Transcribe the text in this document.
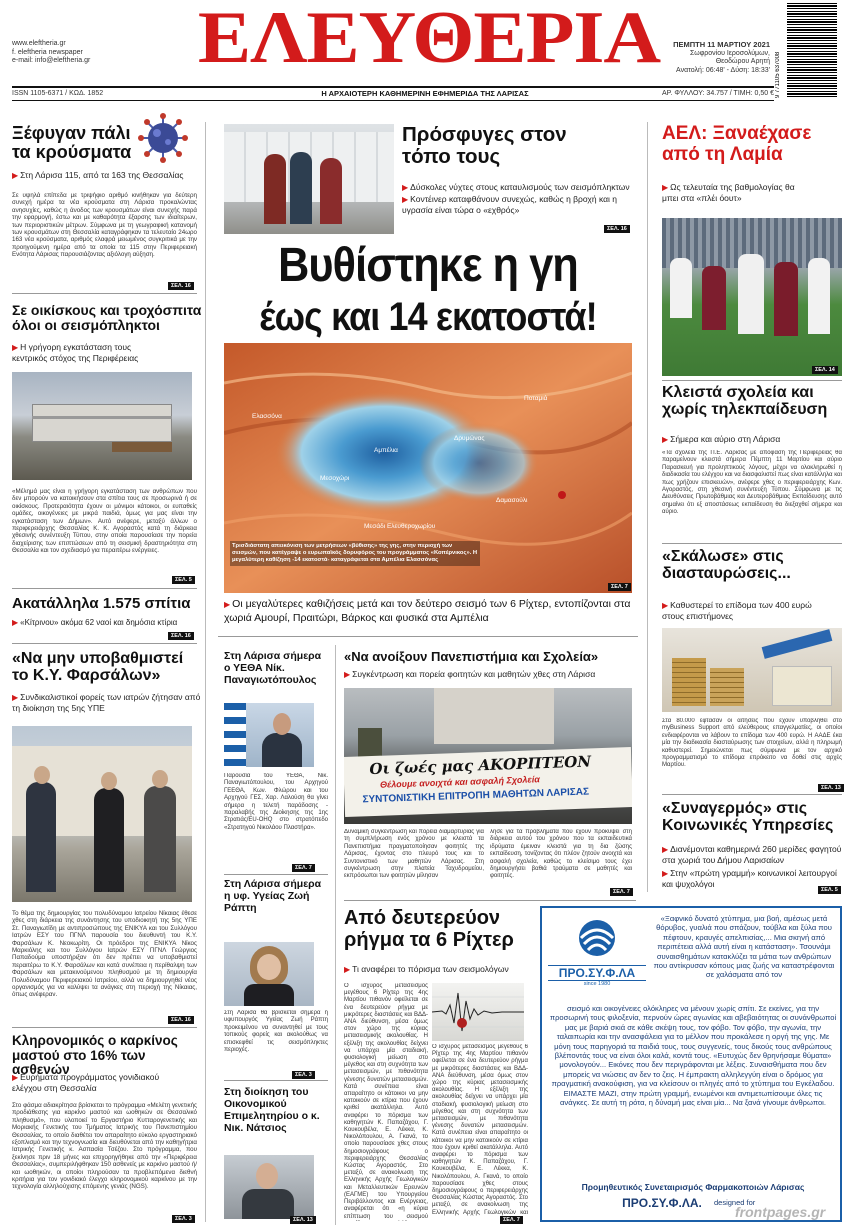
www.eleftheria.gr
f. eleftheria newspaper
e-mail: info@eleftheria.gr	ΕΛΕΥΘΕΡΙΑ	ΠΕΜΠΤΗ 11 ΜΑΡΤΙΟΥ 2021
Σωφρονίου Ιεροσολύμων,
Θεοδώρου Αρητή
Ανατολή: 06:48' - Δύση: 18:33' 9 771105 637008
ISSN 1105-6371 / ΚΩΔ. 1852	Η ΑΡΧΑΙΟΤΕΡΗ ΚΑΘΗΜΕΡΙΝΗ ΕΦΗΜΕΡΙΔΑ ΤΗΣ ΛΑΡΙΣΑΣ	ΑΡ. ΦΥΛΛΟΥ: 34.757 / ΤΙΜΗ: 0,50 €
Ξέφυγαν πάλι τα κρούσματα
▶ Στη Λάρισα 115, από τα 163 της Θεσσαλίας
Σε υψηλά επίπεδα με τριψήφιο αριθμό κινήθηκαν για δεύτερη συνεχή ημέρα τα νέα κρούσματα στη Λάρισα προκαλώντας ανησυχίες, καθώς η άνοδος των κρουσμάτων είναι συνεχής παρά την εφαρμογή, έστω και με καθαρότητα έξαρσης των ιδιαίτερων, των περιοριστικών μέτρων. Σύμφωνα με τη γεωγραφική κατανομή των κρουσμάτων στη Θεσσαλία καταγράφηκαν τα τελευταίο 24ωρο 163 νέα κρούσματα, αριθμός ελαφρά μειωμένος συγκριτικά με την προηγούμενη ημέρα από τα οποία τα 115 στην Περιφερειακή Ενότητα Λάρισας παρουσιάζοντας αξιόλογη αύξηση.
ΣΕΛ. 16
Σε οικίσκους και τροχόσπιτα όλοι οι σεισμόπληκτοι
▶ Η γρήγορη εγκατάσταση τους κεντρικός στόχος της Περιφέρειας
«Μέλημά μας είναι η γρήγορη εγκατάσταση των ανθρώπων που δεν μπορούν να κατοικήσουν στα σπίτια τους σε προσωρινά ή σε οικίσκους. Προτεραιότητα έχουν οι μόνιμοι κάτοικοι, οι ευπαθείς ομάδες, οικογένειες με μικρά παιδιά, όμως για μας είναι την εγκατάσταση των Δήμων». Αυτό ανέφερε, μεταξύ άλλων ο περιφερειάρχης Θεσσαλίας Κ. Κ. Αγοραστός κατά τη διάρκεια χθεσινής συνέντευξη Τύπου, στην οποία παρουσίασε την πορεία διαχείρισης των επιπτώσεων από τη σεισμική δραστηριότητα στη Θεσσαλία και τον σχεδιασμό για περαιτέρω ενέργειες.
ΣΕΛ. 5
Ακατάλληλα 1.575 σπίτια
▶ «Κίτρινου» ακόμα 62 ναοί και δημόσια κτίρια
ΣΕΛ. 16
«Να μην υποβαθμιστεί το Κ.Υ. Φαρσάλων»
▶ Συνδικαλιστικοί φορείς των ιατρών ζήτησαν από τη διοίκηση της 5ης ΥΠΕ
Το θέμα της δημιουργίας του πολυδύναμου Ιατρείου Νίκαιας έθεσε χθες στη διάρκεια της συνάντησης του υποδιοικητή της 5ης ΥΠΕ Στ. Παναγιωτίδη με αντιπροσώπους της ΕΝΙΚΥΑ και του Συλλόγου Ιατρών ΕΣΥ του ΠΓΝΛ παρουσία του διευθυντή του Κ.Υ. Φαρσάλων Κ. Νεοκωρίτη. Οι πρόεδροι της ΕΝΙΚΥΑ Νίκος Μαρκιόλης και του Συλλόγου Ιατρών ΕΣΥ ΠΓΝΛ Γεώργιος Παπαδούμα υποστήριξαν ότι δεν πρέπει να υποβαθμιστεί περαιτέρω το Κ.Υ. Φαρσάλων και κατά συνέπεια η περίθαλψη των Φαρσάλων και μετακινούμενου πληθυσμού με τη δημιουργία Πολυδύναμου Περιφερειακού Ιατρείου, αλλά να δημιουργηθεί νέος οργανισμός για να καλύψει τα ανάγκες στη περιοχή της Νίκαιας, όπως ανέφεραν.
ΣΕΛ. 16
Κληρονομικός ο καρκίνος μαστού στο 16% των ασθενών
▶ Ευρήματα προγράμματος γονιδιακού ελέγχου στη Θεσσαλία
Στο φάσμα αδιακρίτησα βρίσκεται το πρόγραμμα «Μελέτη γενετικής προδιάθεσης για καρκίνο μαστού και ωοθηκών σε Θεσσαλικό πληθυσμό», που υλοποιεί το Εργαστήριο Κυτταρογενετικής και Μοριακής Γενετικής του Τμήματος Ιατρικής του Πανεπιστημίου Θεσσαλίας, το οποίο διαθέτει τον απαραίτητο εύκολο εργαστηριακό εξοπλισμό και την τεχνογνωσία και διευθύνεται από την καθηγήτρια Ιατρικής Γενετικής κ. Ασπασία Τσέζου. Στο πρόγραμμα, που ξεκίνησε πριν 18 μήνες και επιχορηγήθηκε από την «Περιφέρεια Θεσσαλίας», συμπεριλήφθηκαν 150 ασθενείς με καρκίνο μαστού ή/και ωοθηκών, οι οποίοι πληρούσαν τα προβλεπόμενα διεθνή κριτήρια για τον γονιδιακό έλεγχο κληρονομικού καρκίνου με την τεχνολογία αλληλούχισης επόμενης γενιάς (NGS).
ΣΕΛ. 3
Πρόσφυγες στον τόπο τους
▶ Δύσκολες νύχτες στους καταυλισμούς των σεισμόπληκτων
▶ Κοντέινερ καταφθάνουν συνεχώς, καθώς η βροχή και η υγρασία είναι τώρα ο «εχθρός»
ΣΕΛ. 16
Βυθίστηκε η γη
έως και 14 εκατοστά!
Ελασσόνα
Αμπέλια
Δαμασούλι
Μεσοχώρι
Δρυμώνας
Ποταμιά
Μεσάδι Ελευθεροχωρίου
Τρισδιάστατη απεικόνιση των μετρήσεων «βύθισης» της γης, στην περιοχή των σεισμών, που κατέγραψε ο ευρωπαϊκός δορυφόρος του προγράμματος «Κοπέρνικος». Η μεγαλύτερη καθίζηση -14 εκατοστά- καταγράφεται στα Αμπέλια Ελασσόνας
ΣΕΛ. 7
▶ Οι μεγαλύτερες καθιζήσεις μετά και τον δεύτερο σεισμό των 6 Ρίχτερ, εντοπίζονται στα χωριά Αμουρί, Πραιτώρι, Βάρκος και φυσικά στα Αμπέλια
Στη Λάρισα σήμερα ο ΥΕΘΑ Νίκ. Παναγιωτόπουλος
Παρουσία του ΥΕΘΑ, Νικ. Παναγιωτόπουλου, του Αρχηγού ΓΕΕΘΑ, Κων. Φλώρου και του Αρχηγού ΓΕΣ, Χαρ. Λαλούση θα γίνει σήμερα η τελετή παράδοσης - παραλαβής της Διοίκησης της 1ης Στρατιάς/EU-OHQ στο στρατόπεδο «Στρατηγού Νικολάου Πλαστήρα».
ΣΕΛ. 7
Στη Λάρισα σήμερα η υφ. Υγείας Ζωή Ράπτη
Στη Λάρισα θα βρίσκεται σήμερα η υφυπουργός Υγείας Ζωή Ράπτη προκειμένου να συναντηθεί με τους τοπικούς φορείς και ακολούθως να επισκεφθεί τις σεισμόπληκτες περιοχές.
ΣΕΛ. 3
Στη διοίκηση του Οικονομικού Επιμελητηρίου ο κ. Νικ. Νάτσιος
ΣΕΛ. 13
«Να ανοίξουν Πανεπιστήμια και Σχολεία»
▶ Συγκέντρωση και πορεία φοιτητών και μαθητών χθες στη Λάρισα
Οι ζωές μας ΑΚΟΡΠΤΕΟΝ
Θέλουμε ανοιχτά και ασφαλή Σχολεία
ΣΥΝΤΟΝΙΣΤΙΚΗ ΕΠΙΤΡΟΠΗ ΜΑΘΗΤΩΝ ΛΑΡΙΣΑΣ
Δυναμική συγκέντρωση και πορεία διαμαρτυρίας για τη συμπλήρωση ενός χρόνου με κλειστά τα Πανεπιστήμια πραγματοποίησαν φοιτητές της Λάρισας, έχοντας στο πλευρό τους και το Συντονιστικό των μαθητών Λάρισας. Στη συγκέντρωση στην πλατεία Ταχυδρομείου, εκπρόσωποι των φοιτητών μίλησαν
λησε για τα προβλήματα που έχουν προκύψει στη διάρκεια αυτού του χρόνου που τα εκπαιδευτικά ιδρύματα έμειναν κλειστά για τη δια ζώσης εκπαίδευση, τονίζοντας ότι πλέον ζητούν ανοιχτά και ασφαλή σχολεία, καθώς το κλείσιμο τους έχει δημιουργήσει βαθιά τραύματα σε μαθητές και φοιτητές.
ΣΕΛ. 7
Από δευτερεύον ρήγμα τα 6 Ρίχτερ
▶ Τι αναφέρει το πόρισμα των σεισμολόγων
Ο ισχυρός μετασεισμός μεγέθους 6 Ρίχτερ της 4ης Μαρτίου πιθανόν οφείλεται σε ένα δευτερεύον ρήγμα με μικρότερες διαστάσεις και ΒΔΔ-ΑΝΑ διεύθυνση, μέσα όμως στον χώρο της κύριας μετασεισμικής ακολουθίας. Η εξέλιξη της ακολουθίας δείχνει να υπάρχει μία σταδιακή, φυσιολογική μείωση στο μέγεθος και στη συχνότητα των μετασεισμών, με πιθανότητα γένεσης δυνατών μετασεισμών. Κατά συνέπεια είναι απαραίτητο οι κάτοικοι να μην κατοικούν σε κτίρια που έχουν κριθεί ακατάλληλα. Αυτό αναφέρει το πόρισμα των καθηγητών Κ. Παπαζάχου, Γ. Κουκουβέλα, Ε. Λέκκα, Κ. Νικολόπουλου, Α. Γκανά, το οποίο παρουσίασε χθες στους δημοσιογράφους ο περιφερειάρχης Θεσσαλίας Κώστας Αγοραστός. Στο μεταξύ, σε ανακοίνωση της Ελληνικής Αρχής Γεωλογικών και Μεταλλευτικών Ερευνών (ΕΑΓΜΕ) του Υπουργείου Περιβάλλοντος και Ενέργειας, αναφέρεται ότι «η κύρια επίπτωση του σεισμού
Ο ισχυρός μετασεισμός μεγέθους 6 Ρίχτερ της 4ης Μαρτίου πιθανόν οφείλεται σε ένα δευτερεύον ρήγμα με μικρότερες διαστάσεις και ΒΔΔ-ΑΝΑ διεύθυνση, μέσα όμως στον χώρο της κύριας μετασεισμικής ακολουθίας. Η εξέλιξη της ακολουθίας δείχνει να υπάρχει μία σταδιακή, φυσιολογική μείωση στο μέγεθος και στη συχνότητα των μετασεισμών, με πιθανότητα γένεσης δυνατών μετασεισμών. Κατά συνέπεια είναι απαραίτητο οι κάτοικοι να μην κατοικούν σε κτίρια που έχουν κριθεί ακατάλληλα. Αυτό αναφέρει το πόρισμα των καθηγητών Κ. Παπαζάχου, Γ. Κουκουβέλα, Ε. Λέκκα, Κ. Νικολόπουλου, Α. Γκανά, το οποίο παρουσίασε χθες στους δημοσιογράφους ο περιφερειάρχης Θεσσαλίας Κώστας Αγοραστός. Στο μεταξύ, σε ανακοίνωση της Ελληνικής Αρχής Γεωλογικών και
ΣΕΛ. 7
ΑΕΛ: Ξαναέχασε από τη Λαμία
▶ Ως τελευταία της βαθμολογίας θα μπει στα «πλέι όουτ»
ΣΕΛ. 14
Κλειστά σχολεία και χωρίς τηλεκπαίδευση
▶ Σήμερα και αύριο στη Λάρισα
«Τα σχολεία της Π.Ε. Λάρισας με απόφαση της Περιφέρειας θα παραμείνουν κλειστά σήμερα Πέμπτη 11 Μαρτίου και αύριο Παρασκευή για προληπτικούς λόγους, μέχρι να ολοκληρωθεί η διαδικασία του ελέγχου και να διασφαλιστεί πως είναι κατάλληλα και πως χρήζουν επισκευών», ανέφερε χθες ο περιφερειάρχης Κων. Αγοραστός, στη χθεσινή συνέντευξη Τύπου. Σύμφωνα με τις Διευθύνσεις Πρωτοβάθμιας και Δευτεροβάθμιας Εκπαίδευσης αυτό σημαίνει ότι εξ αποστάσεως εκπαίδευση θα διεξαχθεί σήμερα και αύριο.
«Σκάλωσε» στις διασταυρώσεις...
▶ Καθυστερεί το επίδομα των 400 ευρώ στους επιστήμονες
Στα 80.000 έφτασαν οι αιτήσεις που έχουν υποβληθεί στο myBusiness Support από ελεύθερους επαγγελματίες, οι οποίοι ενδιαφέρονται να λάβουν το επίδομα των 400 ευρώ. Η ΑΑΔΕ έκα μία την διαδικασία διασταύρωσης των στοιχείων, αλλά η πληρωμή καθυστερεί. Σημειώνεται πως σύμφωνα με τον αρχικό προγραμματισμό το επίδομα επρόκειτο να δοθεί στις αρχές Μαρτίου.
ΣΕΛ. 13
«Συναγερμός» στις Κοινωνικές Υπηρεσίες
▶ Διανέμονται καθημερινά 260 μερίδες φαγητού στα χωριά του Δήμου Λαρισαίων
▶ Στην «πρώτη γραμμή» κοινωνικοί λειτουργοί και ψυχολόγοι
ΣΕΛ. 5
ΠΡΟ.ΣΥ.Φ.ΛΑ
since 1980
«Ξαφνικό δυνατό χτύπημα, μια βοή, αμέσως μετά θόρυβος, γυαλιά που σπάζουν, τούβλα και ξύλα που πέφτουν, κραυγές απελπισίας,... Μια σκηνή από περιπέτεια αλλά αυτή είναι η κατάσταση». Τσουνάμι συναισθημάτων κατακλύζει τα μάτια των ανθρώπων που αντίκρυσαν κόπους μιας ζωής να καταστρέφονται σε χαλάσματα από τον
σεισμό και οικογένειες ολόκληρες να μένουν χωρίς σπίτι. Σε εκείνες, για την προσωρινή τους φιλοξενία, περνούν ώρες αγωνίας και αβεβαιότητας οι συνάνθρωποί μας με βαριά σκιά σε κάθε σκέψη τους, τον φόβο. Τον φόβο, την αγωνία, την ταλαιπωρία και την ανασφάλεια για το μέλλον που προκάλεσε η οργή της γης. Με μόνη τους παρηγοριά τα παιδιά τους, τους συγγενείς, τους δικούς τους ανθρώπους βλέποντάς τους να είναι όλοι καλά, κοντά τους. «Ευτυχώς δεν θρηνήσαμε θύματα» μονολογούν... Εικόνες που δεν περιγράφονται με λέξεις. Συναισθήματα που δεν μπορείς να νιώσεις αν δεν το ζεις. Η έμπρακτη αλληλεγγύη είναι ο δρόμος για πραγματική ανακούφιση, για να κλείσουν οι πληγές από το χτύπημα του Εγκέλαδου. ΕΙΜΑΣΤΕ ΜΑΖΙ, στην πρώτη γραμμή, ενωμένοι και αντιμετωπίσουμε όλες τις ανάγκες. Σε αυτή τη ρότα, η δύναμή μας είναι μία... Να ξανά γίνουμε άνθρωποι.
Προμηθευτικός Συνεταιρισμός Φαρμακοποιών Λάρισας
ΠΡΟ.ΣΥ.Φ.ΛΑ.	designed for
frontpages.gr
